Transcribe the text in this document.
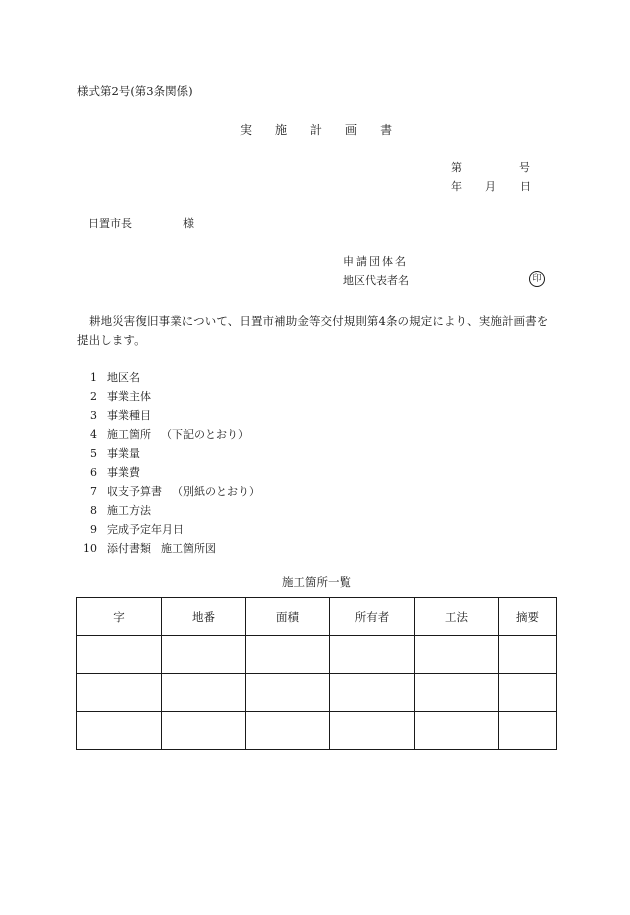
様式第2号(第3条関係)
実 施 計 画 書
第	号
年 月 日
日置市長	様
申請団体名
地区代表者名	印
耕地災害復旧事業について、日置市補助金等交付規則第4条の規定により、実施計画書を提出します。
1 地区名
2 事業主体
3 事業種目
4 施工箇所 （下記のとおり）
5 事業量
6 事業費
7 収支予算書 （別紙のとおり）
8 施工方法
9 完成予定年月日
10 添付書類 施工箇所図
施工箇所一覧
字	地番	面積	所有者	工法	摘要
